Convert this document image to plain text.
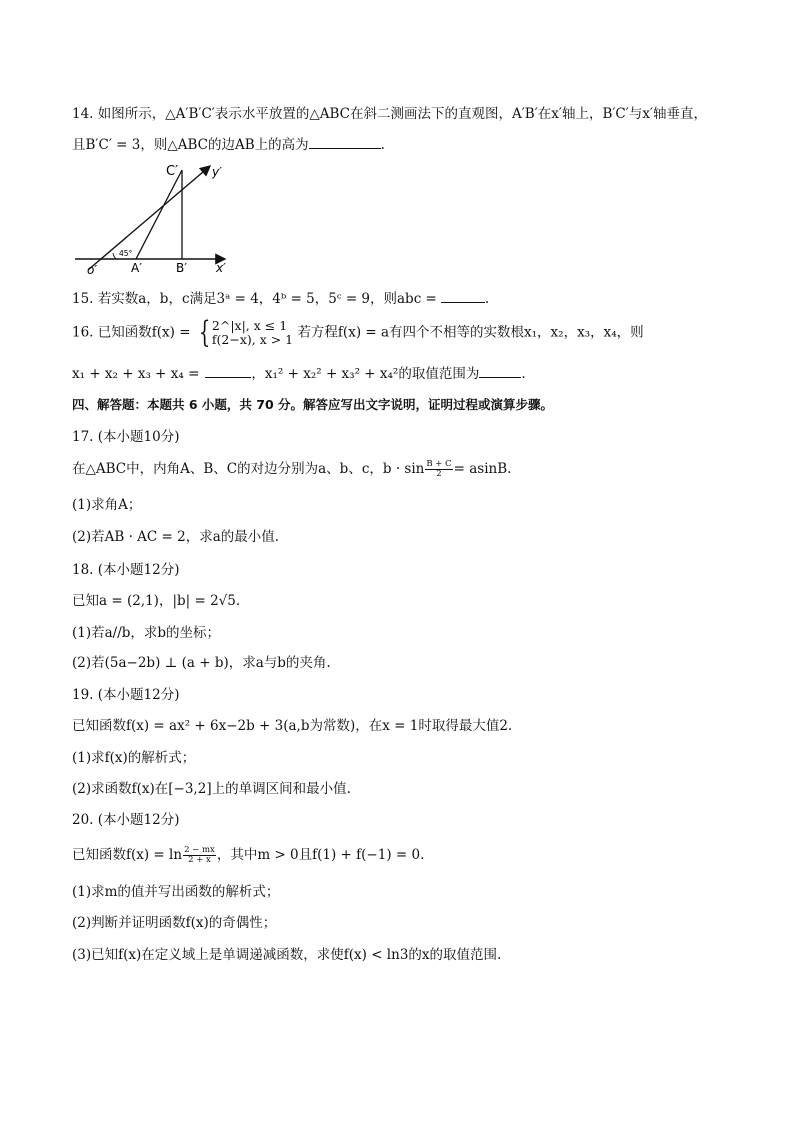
14. 如图所示，△A′B′C′表示水平放置的△ABC在斜二测画法下的直观图，A′B′在x′轴上，B′C′与x′轴垂直，
且B′C′ = 3，则△ABC的边AB上的高为	.
45°
C′	y′
o′	A′	B′ x′
15. 若实数a，b，c满足3ᵃ = 4，4ᵇ = 5，5ᶜ = 9，则abc =	.
16. 已知函数f(x) = { 2^|x|, x ≤ 1
f(2−x), x > 1 若方程f(x) = a有四个不相等的实数根x₁，x₂，x₃，x₄，则
x₁ + x₂ + x₃ + x₄ =	，x₁² + x₂² + x₃² + x₄²的取值范围为	.
四、解答题：本题共 6 小题，共 70 分。解答应写出文字说明，证明过程或演算步骤。
17. (本小题10分)
在△ABC中，内角A、B、C的对边分别为a、b、c，$b \cdot \sin \frac{B + C}{2} = asinB$.
(1)求角A；
(2)若AB · AC = 2，求a的最小值.
18. (本小题12分)
已知a = (2,1)，|b| = 2√5.
(1)若a//b，求b的坐标；
(2)若(5a−2b) ⊥ (a + b)，求a与b的夹角.
19. (本小题12分)
已知函数f(x) = ax² + 6x−2b + 3(a,b为常数)，在x = 1时取得最大值2.
(1)求f(x)的解析式；
(2)求函数f(x)在[−3,2]上的单调区间和最小值.
20. (本小题12分)
已知函数$f(x) = \ln \frac{2 - mx}{2 + x}$ ，其中m > 0且f(1) + f(−1) = 0.
(1)求m的值并写出函数的解析式；
(2)判断并证明函数f(x)的奇偶性；
(3)已知f(x)在定义域上是单调递减函数，求使f(x) < ln3的x的取值范围.
